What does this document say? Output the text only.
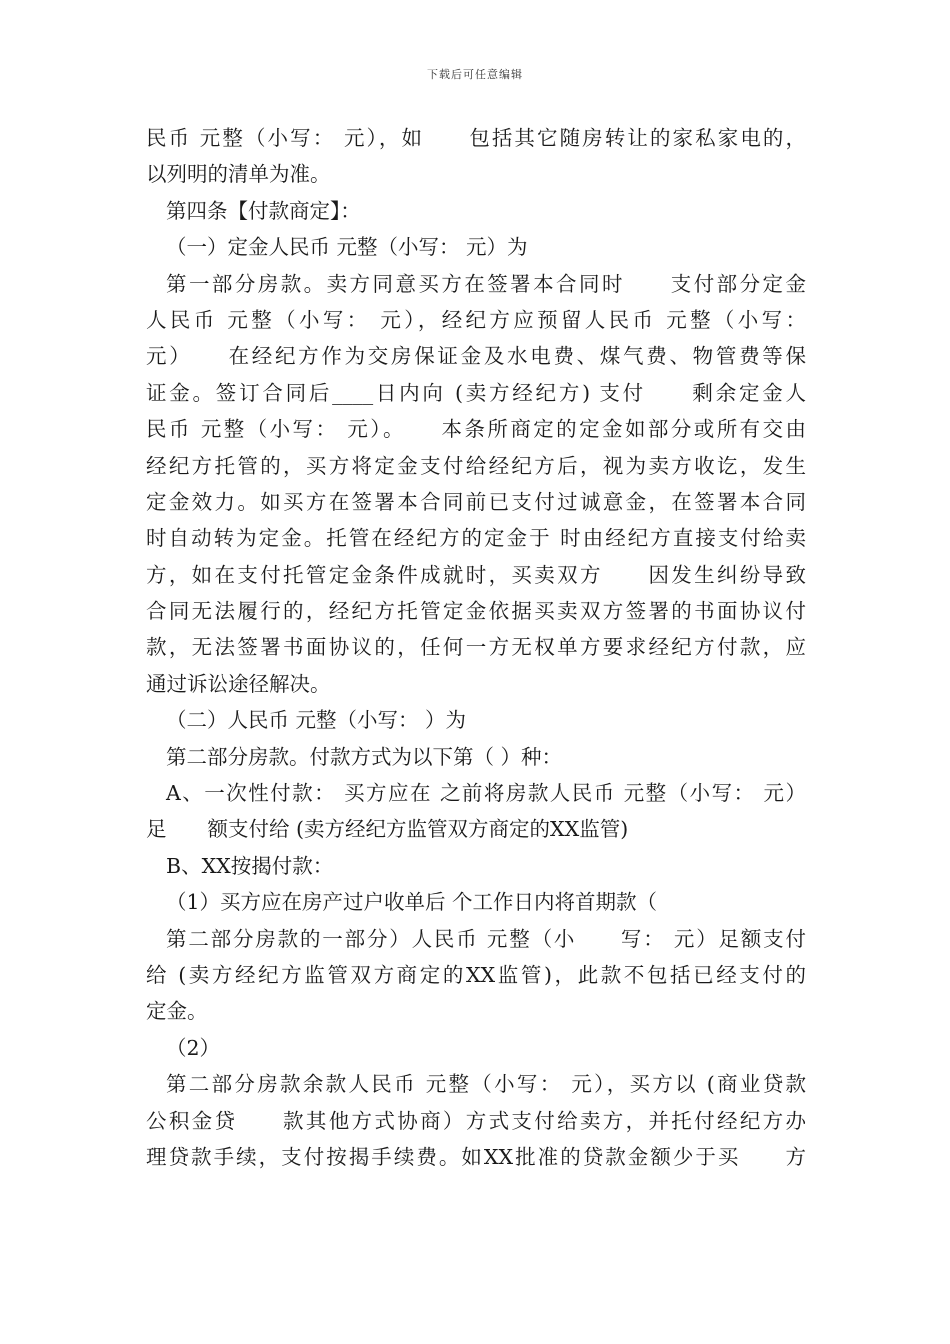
下载后可任意编辑
民币 元整（小写： 元），如　　包括其它随房转让的家私家电的，
以列明的清单为准。
第四条【付款商定】：
（一）定金人民币 元整（小写： 元）为
第一部分房款。卖方同意买方在签署本合同时　　支付部分定金
人民币 元整（小写： 元），经纪方应预留人民币 元整（小写：
元）　　在经纪方作为交房保证金及水电费、煤气费、物管费等保
证金。签订合同后____日内向 (卖方经纪方) 支付　　剩余定金人
民币 元整（小写： 元）。　　本条所商定的定金如部分或所有交由
经纪方托管的，买方将定金支付给经纪方后，视为卖方收讫，发生
定金效力。如买方在签署本合同前已支付过诚意金，在签署本合同
时自动转为定金。托管在经纪方的定金于 时由经纪方直接支付给卖
方，如在支付托管定金条件成就时，买卖双方　　因发生纠纷导致
合同无法履行的，经纪方托管定金依据买卖双方签署的书面协议付
款，无法签署书面协议的，任何一方无权单方要求经纪方付款，应
通过诉讼途径解决。
（二）人民币 元整（小写： ）为
第二部分房款。付款方式为以下第（ ）种：
A、一次性付款： 买方应在 之前将房款人民币 元整（小写： 元）
足　　额支付给 (卖方经纪方监管双方商定的XX监管)
B、XX按揭付款：
（1）买方应在房产过户收单后 个工作日内将首期款（
第二部分房款的一部分）人民币 元整（小　　写： 元）足额支付
给 (卖方经纪方监管双方商定的XX监管)，此款不包括已经支付的
定金。
（2）
第二部分房款余款人民币 元整（小写： 元），买方以 (商业贷款
公积金贷　　款其他方式协商）方式支付给卖方，并托付经纪方办
理贷款手续，支付按揭手续费。如XX批准的贷款金额少于买　　方
